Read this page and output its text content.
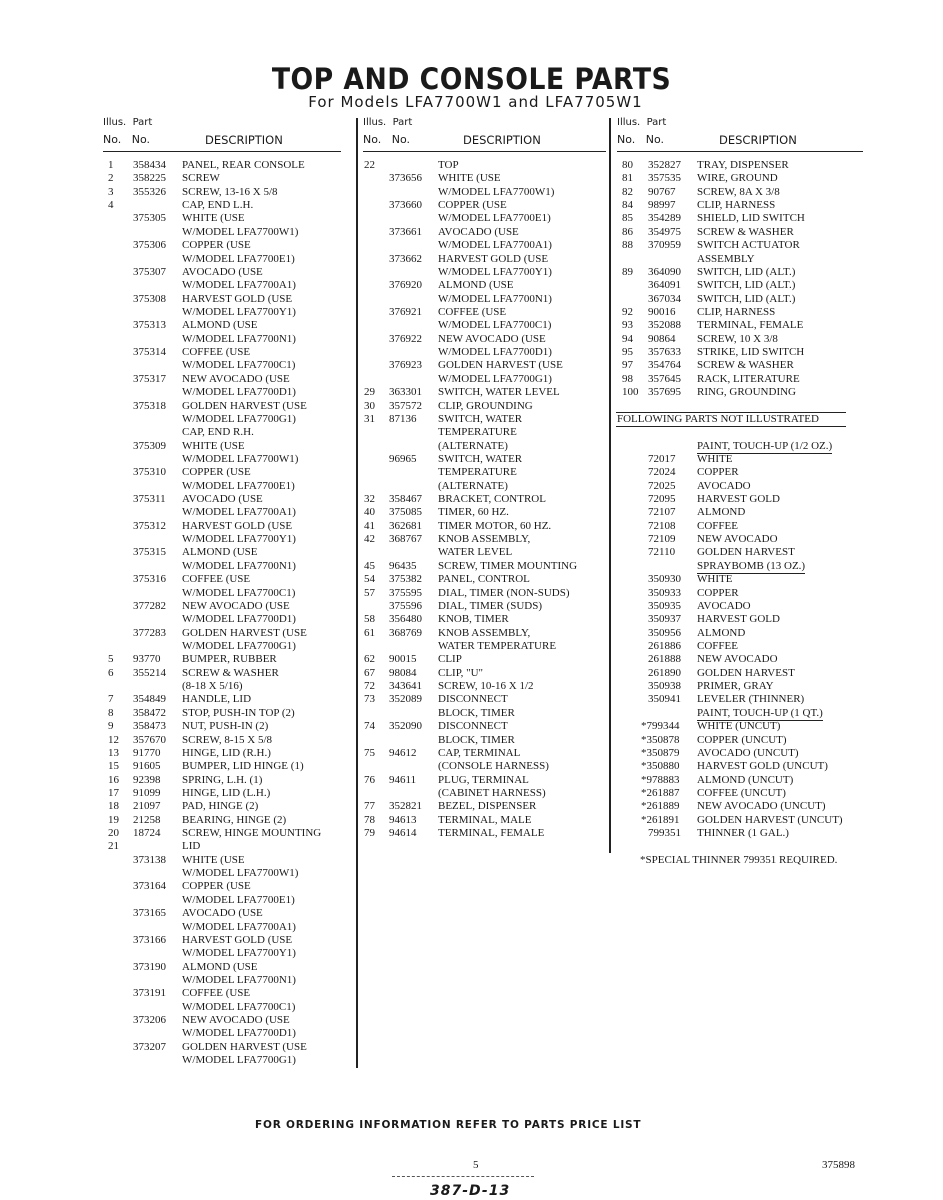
TOP AND CONSOLE PARTS
For Models LFA7700W1 and LFA7705W1
Illus. Part
No. No.	DESCRIPTION
Illus. Part
No. No.	DESCRIPTION
Illus. Part
No. No.	DESCRIPTION
1 358434 PANEL, REAR CONSOLE
2 358225 SCREW
3 355326 SCREW, 13-16 X 5/8
4	CAP, END L.H.
375305 WHITE (USE
W/MODEL LFA7700W1)
375306 COPPER (USE
W/MODEL LFA7700E1)
375307 AVOCADO (USE
W/MODEL LFA7700A1)
375308 HARVEST GOLD (USE
W/MODEL LFA7700Y1)
375313 ALMOND (USE
W/MODEL LFA7700N1)
375314 COFFEE (USE
W/MODEL LFA7700C1)
375317 NEW AVOCADO (USE
W/MODEL LFA7700D1)
375318 GOLDEN HARVEST (USE
W/MODEL LFA7700G1)
CAP, END R.H.
375309 WHITE (USE
W/MODEL LFA7700W1)
375310 COPPER (USE
W/MODEL LFA7700E1)
375311 AVOCADO (USE
W/MODEL LFA7700A1)
375312 HARVEST GOLD (USE
W/MODEL LFA7700Y1)
375315 ALMOND (USE
W/MODEL LFA7700N1)
375316 COFFEE (USE
W/MODEL LFA7700C1)
377282 NEW AVOCADO (USE
W/MODEL LFA7700D1)
377283 GOLDEN HARVEST (USE
W/MODEL LFA7700G1)
5 93770 BUMPER, RUBBER
6 355214 SCREW & WASHER
(8-18 X 5/16)
7 354849 HANDLE, LID
8 358472 STOP, PUSH-IN TOP (2)
9 358473 NUT, PUSH-IN (2)
12 357670 SCREW, 8-15 X 5/8
13 91770 HINGE, LID (R.H.)
15 91605 BUMPER, LID HINGE (1)
16 92398 SPRING, L.H. (1)
17 91099 HINGE, LID (L.H.)
18 21097 PAD, HINGE (2)
19 21258 BEARING, HINGE (2)
20 18724 SCREW, HINGE MOUNTING
21	LID
373138 WHITE (USE
W/MODEL LFA7700W1)
373164 COPPER (USE
W/MODEL LFA7700E1)
373165 AVOCADO (USE
W/MODEL LFA7700A1)
373166 HARVEST GOLD (USE
W/MODEL LFA7700Y1)
373190 ALMOND (USE
W/MODEL LFA7700N1)
373191 COFFEE (USE
W/MODEL LFA7700C1)
373206 NEW AVOCADO (USE
W/MODEL LFA7700D1)
373207 GOLDEN HARVEST (USE
W/MODEL LFA7700G1)
22	TOP
373656 WHITE (USE
W/MODEL LFA7700W1)
373660 COPPER (USE
W/MODEL LFA7700E1)
373661 AVOCADO (USE
W/MODEL LFA7700A1)
373662 HARVEST GOLD (USE
W/MODEL LFA7700Y1)
376920 ALMOND (USE
W/MODEL LFA7700N1)
376921 COFFEE (USE
W/MODEL LFA7700C1)
376922 NEW AVOCADO (USE
W/MODEL LFA7700D1)
376923 GOLDEN HARVEST (USE
W/MODEL LFA7700G1)
29 363301 SWITCH, WATER LEVEL
30 357572 CLIP, GROUNDING
31 87136 SWITCH, WATER
TEMPERATURE
(ALTERNATE)
96965 SWITCH, WATER
TEMPERATURE
(ALTERNATE)
32 358467 BRACKET, CONTROL
40 375085 TIMER, 60 HZ.
41 362681 TIMER MOTOR, 60 HZ.
42 368767 KNOB ASSEMBLY,
WATER LEVEL
45 96435 SCREW, TIMER MOUNTING
54 375382 PANEL, CONTROL
57 375595 DIAL, TIMER (NON-SUDS)
375596 DIAL, TIMER (SUDS)
58 356480 KNOB, TIMER
61 368769 KNOB ASSEMBLY,
WATER TEMPERATURE
62 90015 CLIP
67 98084 CLIP, "U"
72 343641 SCREW, 10-16 X 1/2
73 352089 DISCONNECT
BLOCK, TIMER
74 352090 DISCONNECT
BLOCK, TIMER
75 94612 CAP, TERMINAL
(CONSOLE HARNESS)
76 94611 PLUG, TERMINAL
(CABINET HARNESS)
77 352821 BEZEL, DISPENSER
78 94613 TERMINAL, MALE
79 94614 TERMINAL, FEMALE
80 352827 TRAY, DISPENSER
81 357535 WIRE, GROUND
82 90767 SCREW, 8A X 3/8
84 98997 CLIP, HARNESS
85 354289 SHIELD, LID SWITCH
86 354975 SCREW & WASHER
88 370959 SWITCH ACTUATOR
ASSEMBLY
89 364090 SWITCH, LID (ALT.)
364091 SWITCH, LID (ALT.)
367034 SWITCH, LID (ALT.)
92 90016 CLIP, HARNESS
93 352088 TERMINAL, FEMALE
94 90864 SCREW, 10 X 3/8
95 357633 STRIKE, LID SWITCH
97 354764 SCREW & WASHER
98 357645 RACK, LITERATURE
100 357695 RING, GROUNDING
FOLLOWING PARTS NOT ILLUSTRATED
PAINT, TOUCH-UP (1/2 OZ.)
72017 WHITE
72024 COPPER
72025 AVOCADO
72095 HARVEST GOLD
72107 ALMOND
72108 COFFEE
72109 NEW AVOCADO
72110 GOLDEN HARVEST
SPRAYBOMB (13 OZ.)
350930 WHITE
350933 COPPER
350935 AVOCADO
350937 HARVEST GOLD
350956 ALMOND
261886 COFFEE
261888 NEW AVOCADO
261890 GOLDEN HARVEST
350938 PRIMER, GRAY
350941 LEVELER (THINNER)
PAINT, TOUCH-UP (1 QT.)
*799344 WHITE (UNCUT)
*350878 COPPER (UNCUT)
*350879 AVOCADO (UNCUT)
*350880 HARVEST GOLD (UNCUT)
*978883 ALMOND (UNCUT)
*261887 COFFEE (UNCUT)
*261889 NEW AVOCADO (UNCUT)
*261891 GOLDEN HARVEST (UNCUT)
799351 THINNER (1 GAL.)
*SPECIAL THINNER 799351 REQUIRED.
FOR ORDERING INFORMATION REFER TO PARTS PRICE LIST
5
387-D-13
375898
